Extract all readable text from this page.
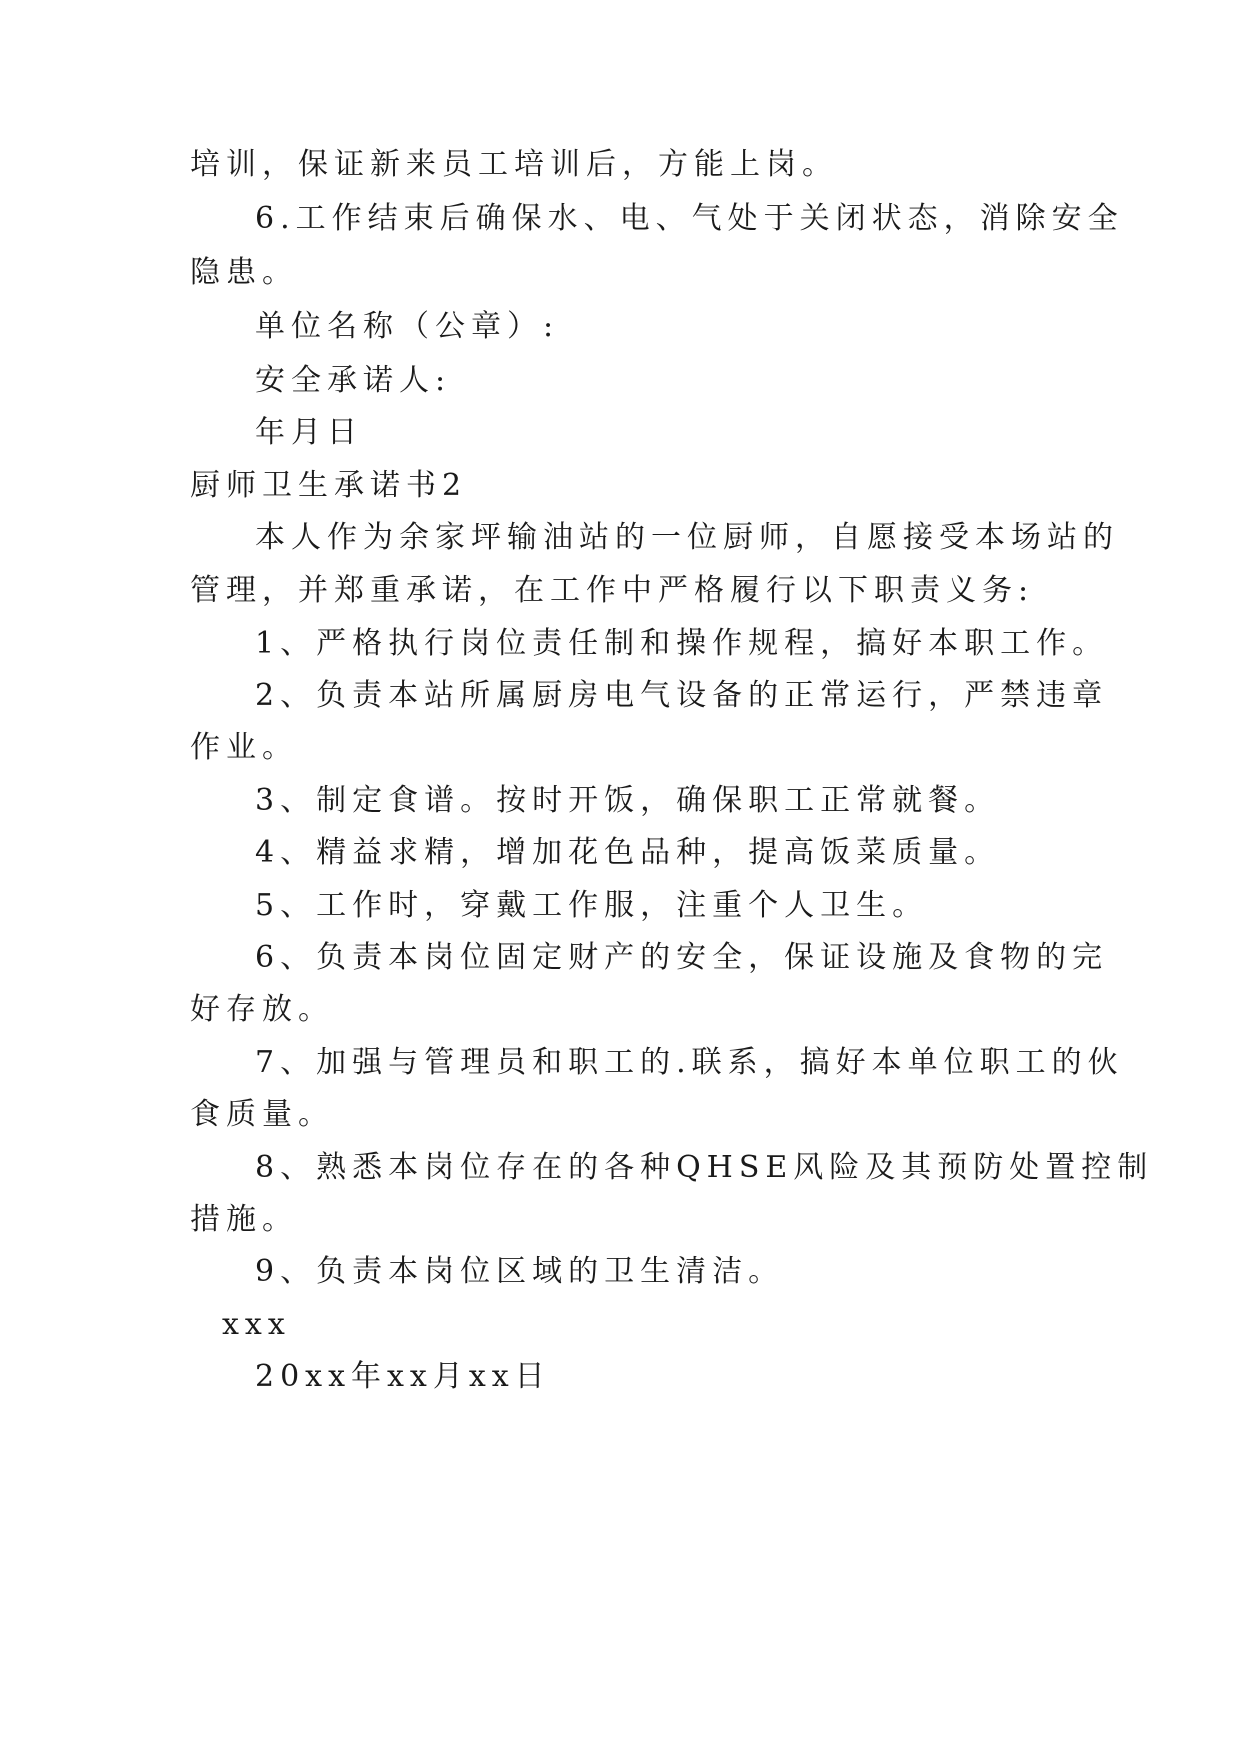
培训，保证新来员工培训后，方能上岗。
6.工作结束后确保水、电、气处于关闭状态，消除安全
隐患。
单位名称（公章）:
安全承诺人:
年月日
厨师卫生承诺书2
本人作为余家坪输油站的一位厨师，自愿接受本场站的
管理，并郑重承诺，在工作中严格履行以下职责义务:
1、严格执行岗位责任制和操作规程，搞好本职工作。
2、负责本站所属厨房电气设备的正常运行，严禁违章
作业。
3、制定食谱。按时开饭，确保职工正常就餐。
4、精益求精，增加花色品种，提高饭菜质量。
5、工作时，穿戴工作服，注重个人卫生。
6、负责本岗位固定财产的安全，保证设施及食物的完
好存放。
7、加强与管理员和职工的.联系，搞好本单位职工的伙
食质量。
8、熟悉本岗位存在的各种QHSE风险及其预防处置控制
措施。
9、负责本岗位区域的卫生清洁。
xxx
20xx年xx月xx日
